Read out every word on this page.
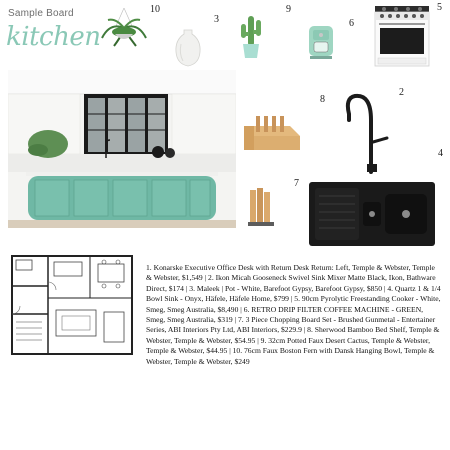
Sample Board
kitchen
10
3
9
6
5
8
2
4
7
1. Konarske Executive Office Desk with Return Desk Return: Left, Temple & Webster, Temple & Webster, $1,549 | 2. Ikon Micah Gooseneck Swivel Sink Mixer Matte Black, Ikon, Bathware Direct, $174 | 3. Maleek | Pot - White, Barefoot Gypsy, Barefoot Gypsy, $850 | 4. Quartz 1 & 1/4 Bowl Sink - Onyx, Häfele, Häfele Home, $799 | 5. 90cm Pyrolytic Freestanding Cooker - White, Smeg, Smeg Australia, $8,490 | 6. RETRO DRIP FILTER COFFEE MACHINE - GREEN, Smeg, Smeg Australia, $319 | 7. 3 Piece Chopping Board Set - Brushed Gunmetal - Entertainer Series, ABI Interiors Pty Ltd, ABI Interiors, $229.9 | 8. Sherwood Bamboo Bed Shelf, Temple & Webster, Temple & Webster, $54.95 | 9. 32cm Potted Faux Desert Cactus, Temple & Webster, Temple & Webster, $44.95 | 10. 76cm Faux Boston Fern with Dansk Hanging Bowl, Temple & Webster, Temple & Webster, $249
